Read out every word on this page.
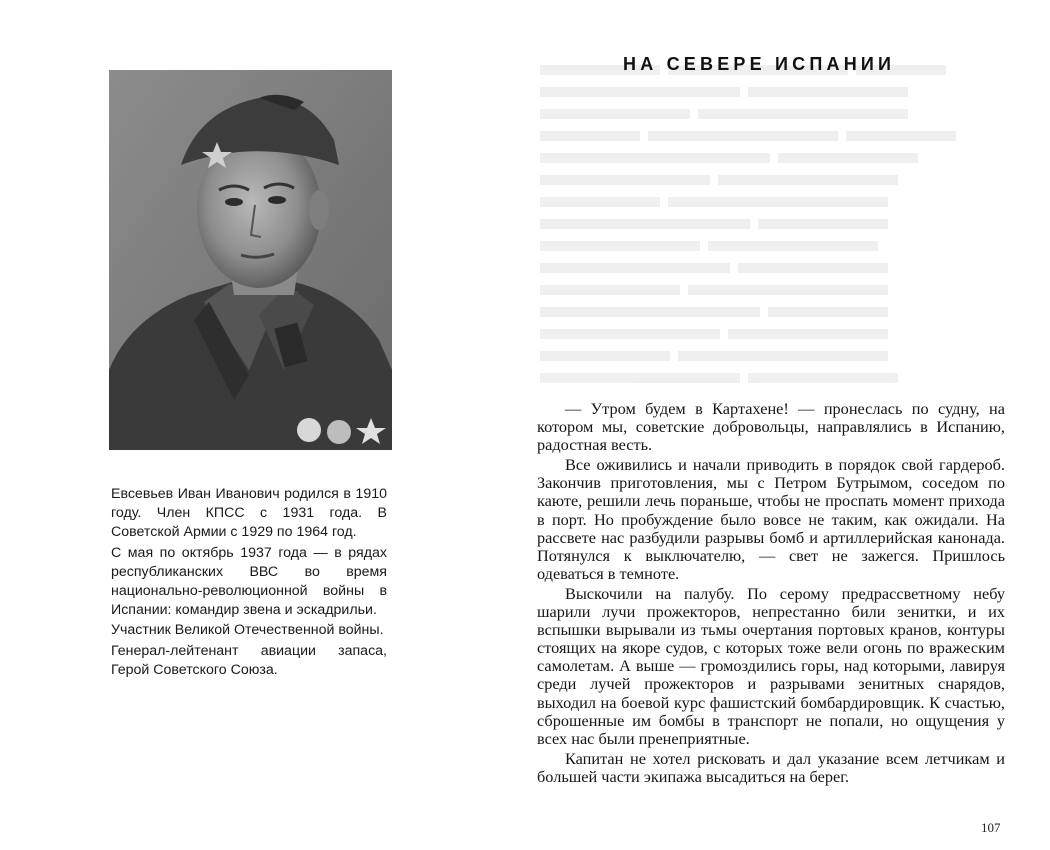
Евсевьев Иван Иванович родился в 1910 году. Член КПСС с 1931 года. В Советской Армии с 1929 по 1964 год.

С мая по октябрь 1937 года — в рядах республиканских ВВС во время национально-революционной войны в Испании: командир звена и эскадрильи.

Участник Великой Отечественной войны.

Генерал-лейтенант авиации запаса, Герой Советского Союза.

НА СЕВЕРЕ ИСПАНИИ

— Утром будем в Картахене! — пронеслась по судну, на котором мы, советские добровольцы, направлялись в Испанию, радостная весть.

Все оживились и начали приводить в порядок свой гардероб. Закончив приготовления, мы с Петром Бутрымом, соседом по каюте, решили лечь пораньше, чтобы не проспать момент прихода в порт. Но пробуждение было вовсе не таким, как ожидали. На рассвете нас разбудили разрывы бомб и артиллерийская канонада. Потянулся к выключателю, — свет не зажегся. Пришлось одеваться в темноте.

Выскочили на палубу. По серому предрассветному небу шарили лучи прожекторов, непрестанно били зенитки, и их вспышки вырывали из тьмы очертания портовых кранов, контуры стоящих на якоре судов, с которых тоже вели огонь по вражеским самолетам. А выше — громоздились горы, над которыми, лавируя среди лучей прожекторов и разрывами зенитных снарядов, выходил на боевой курс фашистский бомбардировщик. К счастью, сброшенные им бомбы в транспорт не попали, но ощущения у всех нас были пренеприятные.

Капитан не хотел рисковать и дал указание всем летчикам и большей части экипажа высадиться на берег.

107
